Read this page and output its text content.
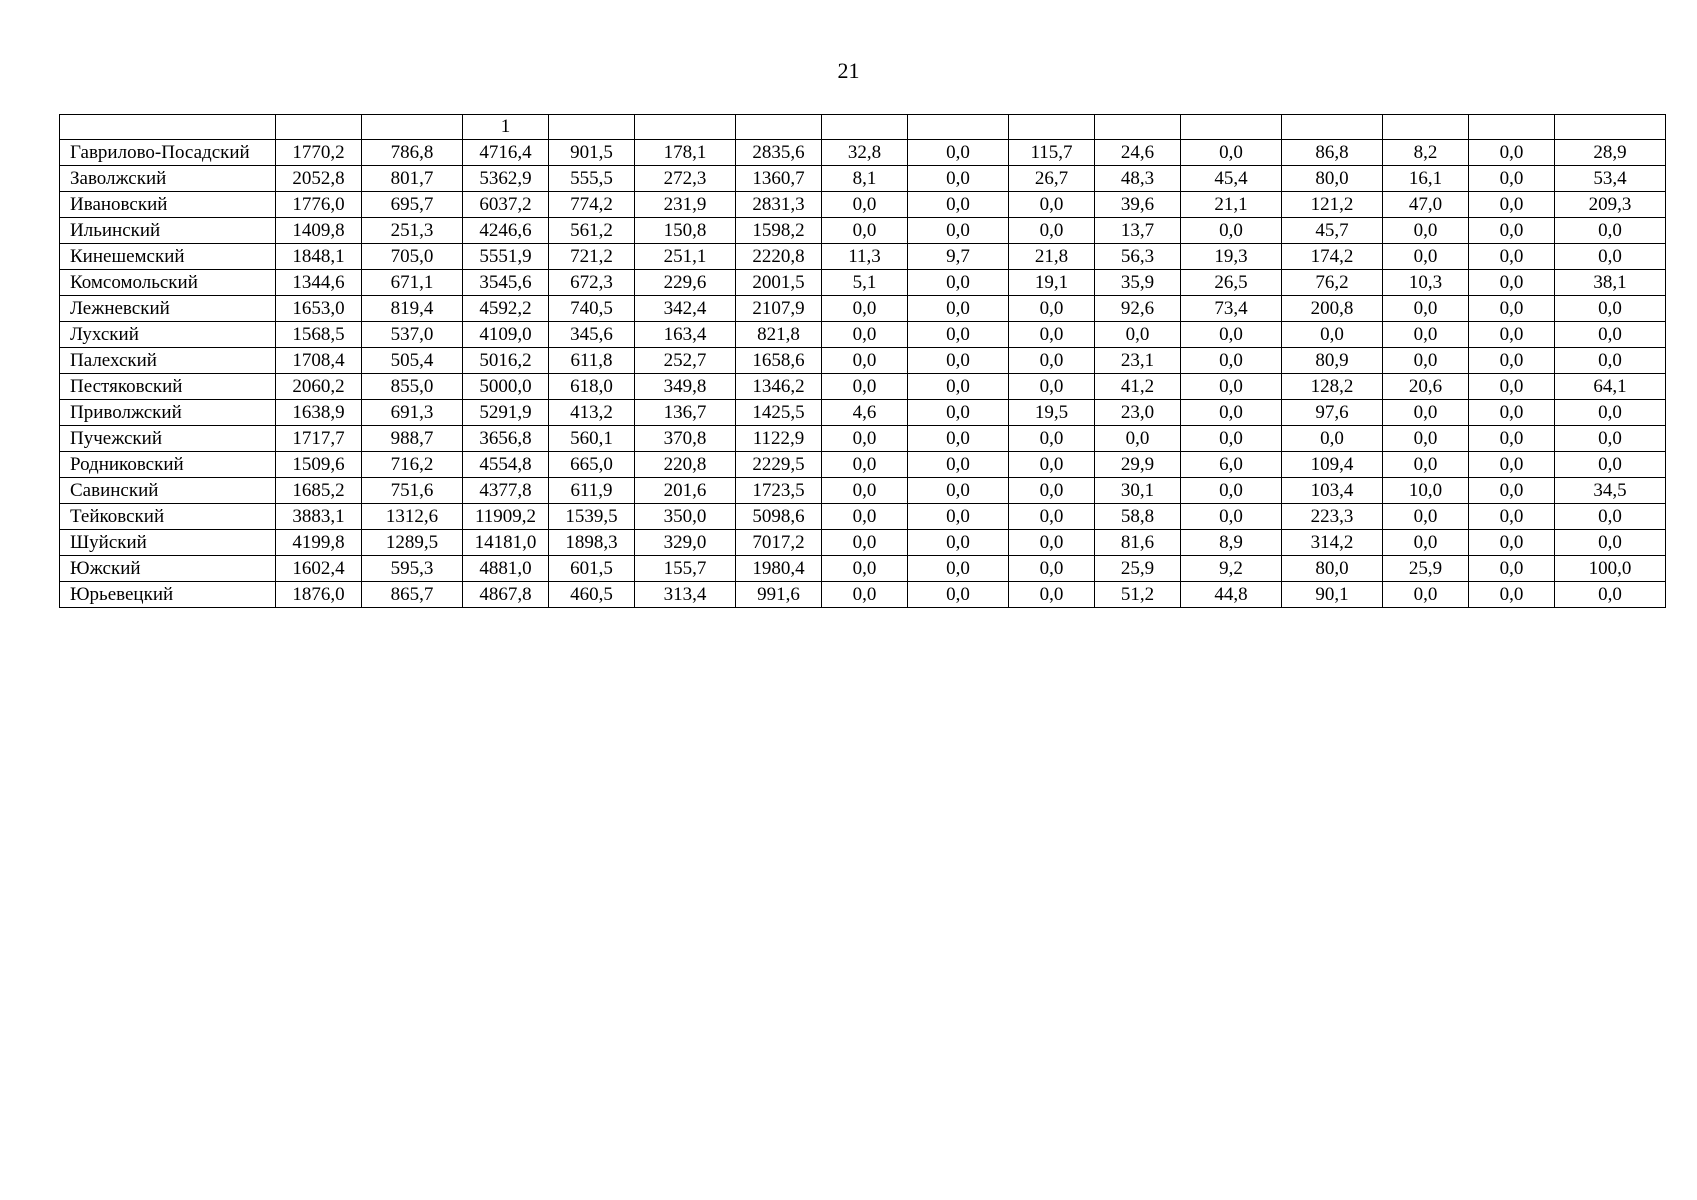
21
			1												
Гаврилово-Посадский	1770,2	786,8	4716,4	901,5	178,1	2835,6	32,8	0,0	115,7	24,6	0,0	86,8	8,2	0,0	28,9
Заволжский	2052,8	801,7	5362,9	555,5	272,3	1360,7	8,1	0,0	26,7	48,3	45,4	80,0	16,1	0,0	53,4
Ивановский	1776,0	695,7	6037,2	774,2	231,9	2831,3	0,0	0,0	0,0	39,6	21,1	121,2	47,0	0,0	209,3
Ильинский	1409,8	251,3	4246,6	561,2	150,8	1598,2	0,0	0,0	0,0	13,7	0,0	45,7	0,0	0,0	0,0
Кинешемский	1848,1	705,0	5551,9	721,2	251,1	2220,8	11,3	9,7	21,8	56,3	19,3	174,2	0,0	0,0	0,0
Комсомольский	1344,6	671,1	3545,6	672,3	229,6	2001,5	5,1	0,0	19,1	35,9	26,5	76,2	10,3	0,0	38,1
Лежневский	1653,0	819,4	4592,2	740,5	342,4	2107,9	0,0	0,0	0,0	92,6	73,4	200,8	0,0	0,0	0,0
Лухский	1568,5	537,0	4109,0	345,6	163,4	821,8	0,0	0,0	0,0	0,0	0,0	0,0	0,0	0,0	0,0
Палехский	1708,4	505,4	5016,2	611,8	252,7	1658,6	0,0	0,0	0,0	23,1	0,0	80,9	0,0	0,0	0,0
Пестяковский	2060,2	855,0	5000,0	618,0	349,8	1346,2	0,0	0,0	0,0	41,2	0,0	128,2	20,6	0,0	64,1
Приволжский	1638,9	691,3	5291,9	413,2	136,7	1425,5	4,6	0,0	19,5	23,0	0,0	97,6	0,0	0,0	0,0
Пучежский	1717,7	988,7	3656,8	560,1	370,8	1122,9	0,0	0,0	0,0	0,0	0,0	0,0	0,0	0,0	0,0
Родниковский	1509,6	716,2	4554,8	665,0	220,8	2229,5	0,0	0,0	0,0	29,9	6,0	109,4	0,0	0,0	0,0
Савинский	1685,2	751,6	4377,8	611,9	201,6	1723,5	0,0	0,0	0,0	30,1	0,0	103,4	10,0	0,0	34,5
Тейковский	3883,1	1312,6	11909,2	1539,5	350,0	5098,6	0,0	0,0	0,0	58,8	0,0	223,3	0,0	0,0	0,0
Шуйский	4199,8	1289,5	14181,0	1898,3	329,0	7017,2	0,0	0,0	0,0	81,6	8,9	314,2	0,0	0,0	0,0
Южский	1602,4	595,3	4881,0	601,5	155,7	1980,4	0,0	0,0	0,0	25,9	9,2	80,0	25,9	0,0	100,0
Юрьевецкий	1876,0	865,7	4867,8	460,5	313,4	991,6	0,0	0,0	0,0	51,2	44,8	90,1	0,0	0,0	0,0
